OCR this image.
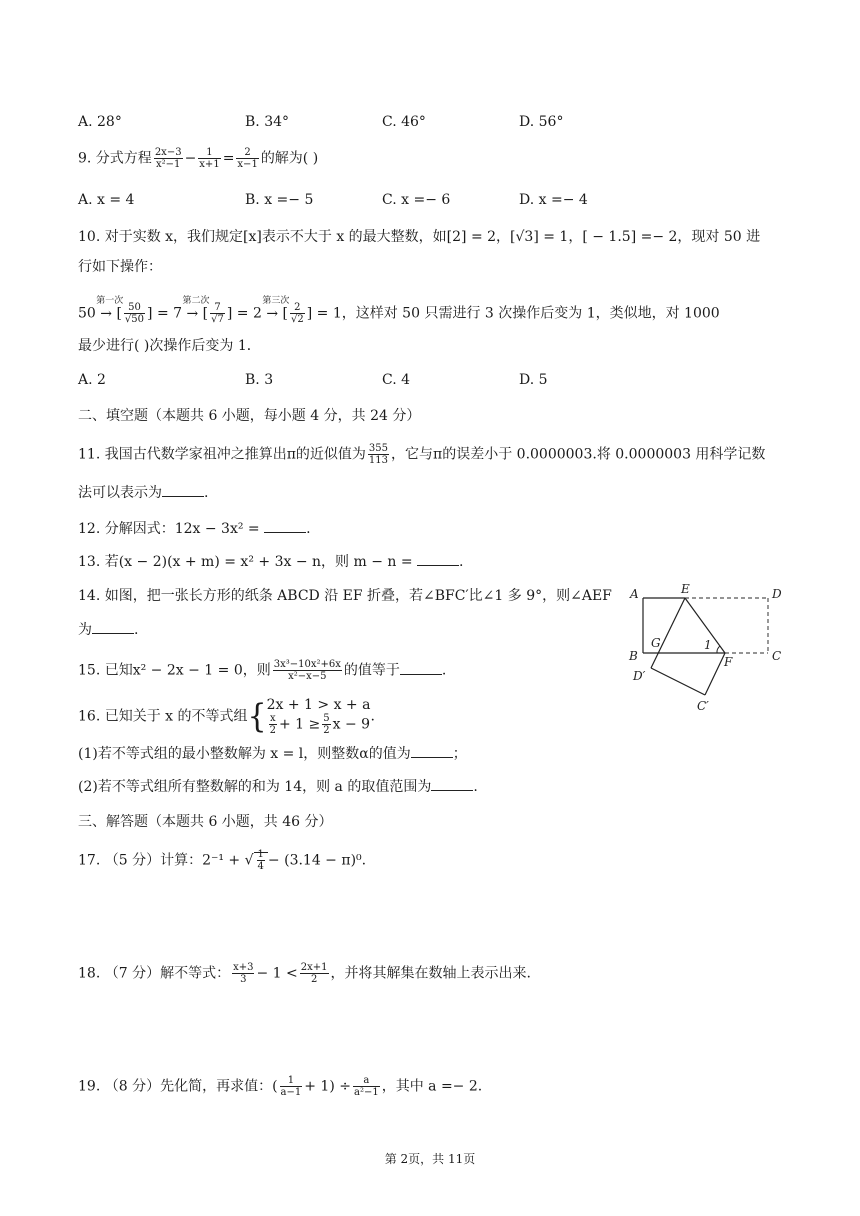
A. 28°	B. 34°	C. 46°	D. 56°
9. 分式方程 $\frac{2x-3}{\text{x²−1}} - \frac{1}{x+1} = \frac{2}{x-1}$ 的解为( )
A. x = 4	B. x =− 5	C. x =− 6	D. x =− 4
10. 对于实数 x，我们规定[x]表示不大于 x 的最大整数，如[2] = 2，[√3] = 1，[ − 1.5] =− 2，现对 50 进
行如下操作：
50 →
第一次
[ $\frac{50}{√50}$ ] = 7 →
第二次
[ $\frac{7}{√7}$ ] = 2 →
第三次
[ $\frac{2}{√2}$ ] = 1，这样对 50 只需进行 3 次操作后变为 1，类似地，对 1000
最少进行( )次操作后变为 1．
A. 2	B. 3	C. 4	D. 5
二、填空题（本题共 6 小题，每小题 4 分，共 24 分）
11. 我国古代数学家祖冲之推算出π的近似值为 $\frac{355}{113}$ ，它与π的误差小于 0.0000003.将 0.0000003 用科学记数
法可以表示为	.
12. 分解因式：12x − 3x² =	.
13. 若(x − 2)(x + m) = x² + 3x − n，则 m − n =	.
14. 如图，把一张长方形的纸条 ABCD 沿 EF 折叠，若∠BFC′比∠1 多 9°，则∠AEF
为	.
A	E	D
G	1
B	F	C
D′
C′
15. 已知x² − 2x − 1 = 0，则 $\frac{\text{3x³−10x²+6x}}{\text{x²−x−5}}$ 的值等于	.
16. 已知关于 x 的不等式组{ 2x + 1 > x + a
$\frac{x}{2} + 1 \ge \frac{5}{2}$ x − 9 .
(1)若不等式组的最小整数解为 x = l，则整数α的值为	；
(2)若不等式组所有整数解的和为 14，则 a 的取值范围为	.
三、解答题（本题共 6 小题，共 46 分）
17. （5 分）计算：2⁻¹ + √ $\frac{1}{4} - (3.14 - \pi)^0$.
18. （7 分）解不等式： $\frac{x+3}{3} - 1 < \frac{2x+1}{2}$ ，并将其解集在数轴上表示出来.
19. （8 分）先化简，再求值：( $\frac{1}{a-1} + 1) \div \frac{a}{\text{a²−1}}$ ，其中 a =− 2.
第 2页，共 11页
